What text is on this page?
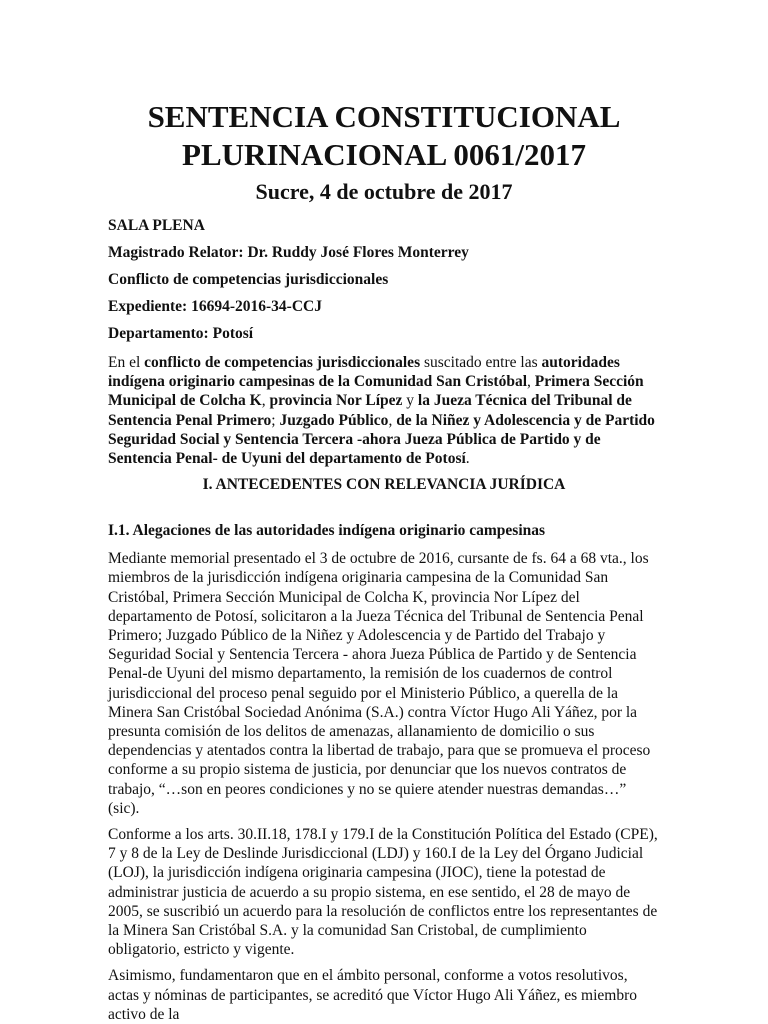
SENTENCIA CONSTITUCIONAL
PLURINACIONAL 0061/2017

Sucre, 4 de octubre de 2017

SALA PLENA

Magistrado Relator: Dr. Ruddy José Flores Monterrey

Conflicto de competencias jurisdiccionales

Expediente: 16694-2016-34-CCJ

Departamento: Potosí

En el conflicto de competencias jurisdiccionales suscitado entre las autoridades indígena originario campesinas de la Comunidad San Cristóbal, Primera Sección Municipal de Colcha K, provincia Nor Lípez y la Jueza Técnica del Tribunal de Sentencia Penal Primero; Juzgado Público, de la Niñez y Adolescencia y de Partido Seguridad Social y Sentencia Tercera -ahora Jueza Pública de Partido y de Sentencia Penal- de Uyuni del departamento de Potosí.

I. ANTECEDENTES CON RELEVANCIA JURÍDICA

I.1. Alegaciones de las autoridades indígena originario campesinas

Mediante memorial presentado el 3 de octubre de 2016, cursante de fs. 64 a 68 vta., los miembros de la jurisdicción indígena originaria campesina de la Comunidad San Cristóbal, Primera Sección Municipal de Colcha K, provincia Nor Lípez del departamento de Potosí, solicitaron a la Jueza Técnica del Tribunal de Sentencia Penal Primero; Juzgado Público de la Niñez y Adolescencia y de Partido del Trabajo y Seguridad Social y Sentencia Tercera - ahora Jueza Pública de Partido y de Sentencia Penal-de Uyuni del mismo departamento, la remisión de los cuadernos de control jurisdiccional del proceso penal seguido por el Ministerio Público, a querella de la Minera San Cristóbal Sociedad Anónima (S.A.) contra Víctor Hugo Ali Yáñez, por la presunta comisión de los delitos de amenazas, allanamiento de domicilio o sus dependencias y atentados contra la libertad de trabajo, para que se promueva el proceso conforme a su propio sistema de justicia, por denunciar que los nuevos contratos de trabajo, “…son en peores condiciones y no se quiere atender nuestras demandas…” (sic).

Conforme a los arts. 30.II.18, 178.I y 179.I de la Constitución Política del Estado (CPE), 7 y 8 de la Ley de Deslinde Jurisdiccional (LDJ) y 160.I de la Ley del Órgano Judicial (LOJ), la jurisdicción indígena originaria campesina (JIOC), tiene la potestad de administrar justicia de acuerdo a su propio sistema, en ese sentido, el 28 de mayo de 2005, se suscribió un acuerdo para la resolución de conflictos entre los representantes de la Minera San Cristóbal S.A. y la comunidad San Cristobal, de cumplimiento obligatorio, estricto y vigente.

Asimismo, fundamentaron que en el ámbito personal, conforme a votos resolutivos, actas y nóminas de participantes, se acreditó que Víctor Hugo Ali Yáñez, es miembro activo de la
